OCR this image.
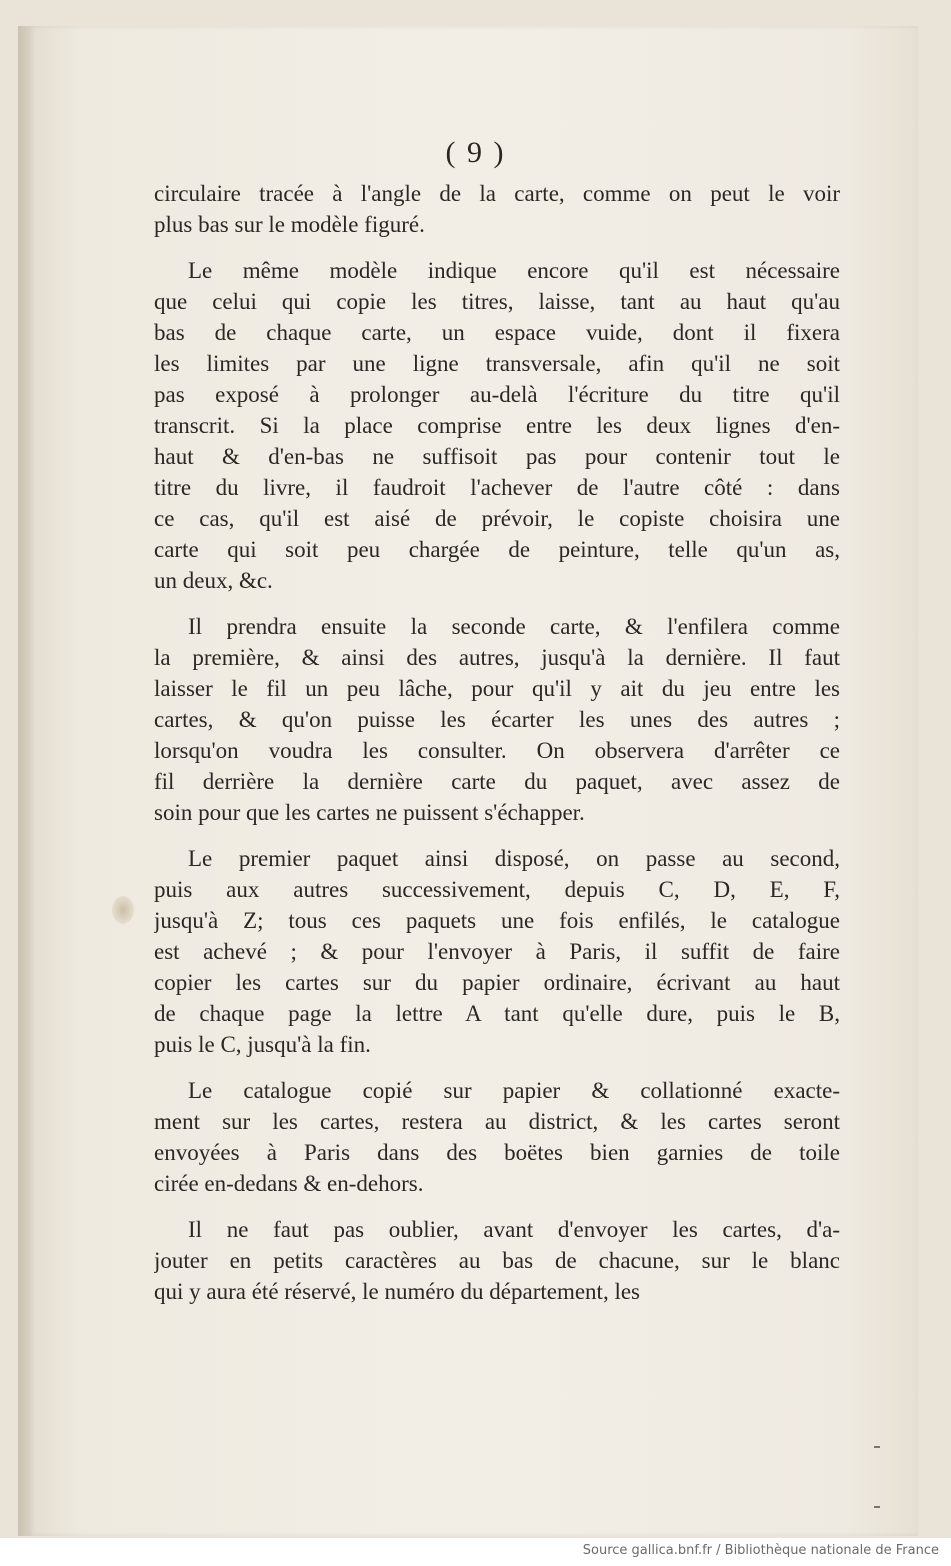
( 9 )
circulaire tracée à l'angle de la carte, comme on peut le voir
plus bas sur le modèle figuré.
Le même modèle indique encore qu'il est nécessaire
que celui qui copie les titres, laisse, tant au haut qu'au
bas de chaque carte, un espace vuide, dont il fixera
les limites par une ligne transversale, afin qu'il ne soit
pas exposé à prolonger au-delà l'écriture du titre qu'il
transcrit. Si la place comprise entre les deux lignes d'en-
haut & d'en-bas ne suffisoit pas pour contenir tout le
titre du livre, il faudroit l'achever de l'autre côté : dans
ce cas, qu'il est aisé de prévoir, le copiste choisira une
carte qui soit peu chargée de peinture, telle qu'un as,
un deux, &c.
Il prendra ensuite la seconde carte, & l'enfilera comme
la première, & ainsi des autres, jusqu'à la dernière. Il faut
laisser le fil un peu lâche, pour qu'il y ait du jeu entre les
cartes, & qu'on puisse les écarter les unes des autres ;
lorsqu'on voudra les consulter. On observera d'arrêter ce
fil derrière la dernière carte du paquet, avec assez de
soin pour que les cartes ne puissent s'échapper.
Le premier paquet ainsi disposé, on passe au second,
puis aux autres successivement, depuis C, D, E, F,
jusqu'à Z; tous ces paquets une fois enfilés, le catalogue
est achevé ; & pour l'envoyer à Paris, il suffit de faire
copier les cartes sur du papier ordinaire, écrivant au haut
de chaque page la lettre A tant qu'elle dure, puis le B,
puis le C, jusqu'à la fin.
Le catalogue copié sur papier & collationné exacte-
ment sur les cartes, restera au district, & les cartes seront
envoyées à Paris dans des boëtes bien garnies de toile
cirée en-dedans & en-dehors.
Il ne faut pas oublier, avant d'envoyer les cartes, d'a-
jouter en petits caractères au bas de chacune, sur le blanc
qui y aura été réservé, le numéro du département, les
Source gallica.bnf.fr / Bibliothèque nationale de France
